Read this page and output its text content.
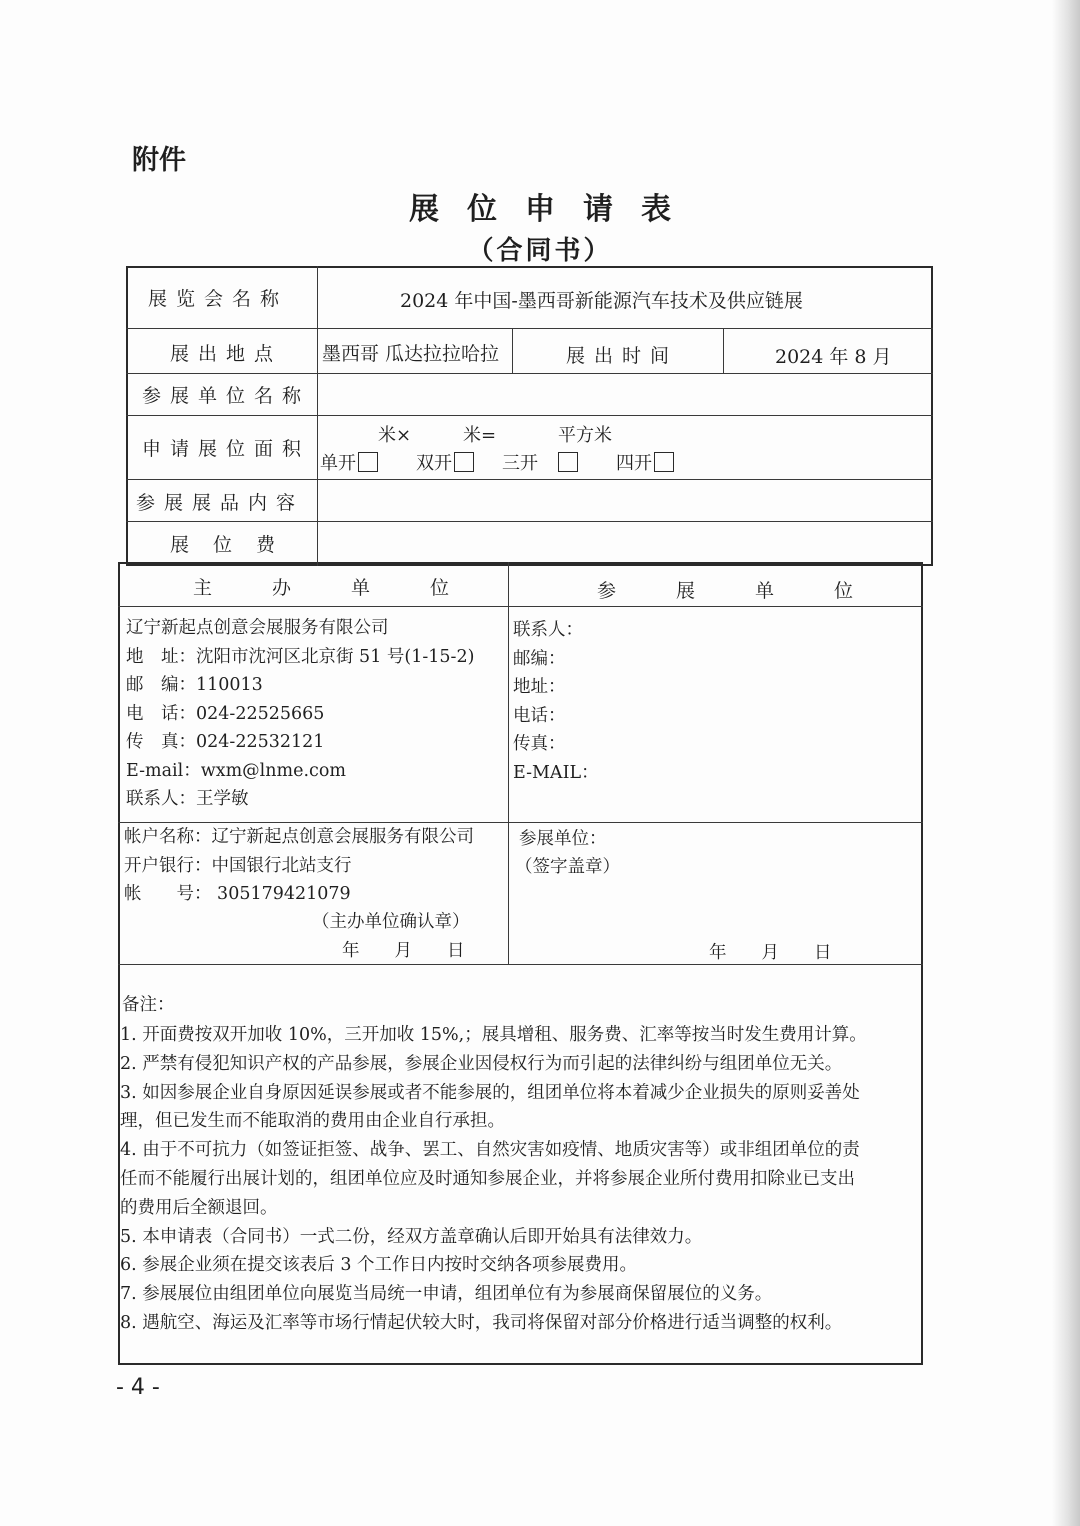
附件
展位申请表
（合同书）
展览会名称	2024 年中国-墨西哥新能源汽车技术及供应链展
展出地点 墨西哥 瓜达拉拉哈拉	展出时间	2024 年 8 月
参展单位名称
申请展位面积
米×	米=	平方米
单开	双开	三开	四开
参展展品内容
展位费
主办单位	参展单位
辽宁新起点创意会展服务有限公司
地　址：沈阳市沈河区北京街 51 号(1-15-2)
邮　编：110013
电　话：024-22525665
传　真：024-22532121
E-mail：wxm@lnme.com
联系人：王学敏
联系人：
邮编：
地址：
电话：
传真：
E-MAIL：
帐户名称：辽宁新起点创意会展服务有限公司
开户银行：中国银行北站支行
帐　　号： 305179421079
（主办单位确认章）
年　　月　　日
参展单位：
（签字盖章）
年　　月　　日
备注：
1. 开面费按双开加收 10%，三开加收 15%,；展具增租、服务费、汇率等按当时发生费用计算。
2. 严禁有侵犯知识产权的产品参展，参展企业因侵权行为而引起的法律纠纷与组团单位无关。
3. 如因参展企业自身原因延误参展或者不能参展的，组团单位将本着减少企业损失的原则妥善处
理，但已发生而不能取消的费用由企业自行承担。
4. 由于不可抗力（如签证拒签、战争、罢工、自然灾害如疫情、地质灾害等）或非组团单位的责
任而不能履行出展计划的，组团单位应及时通知参展企业，并将参展企业所付费用扣除业已支出
的费用后全额退回。
5. 本申请表（合同书）一式二份，经双方盖章确认后即开始具有法律效力。
6. 参展企业须在提交该表后 3 个工作日内按时交纳各项参展费用。
7. 参展展位由组团单位向展览当局统一申请，组团单位有为参展商保留展位的义务。
8. 遇航空、海运及汇率等市场行情起伏较大时，我司将保留对部分价格进行适当调整的权利。
- 4 -
